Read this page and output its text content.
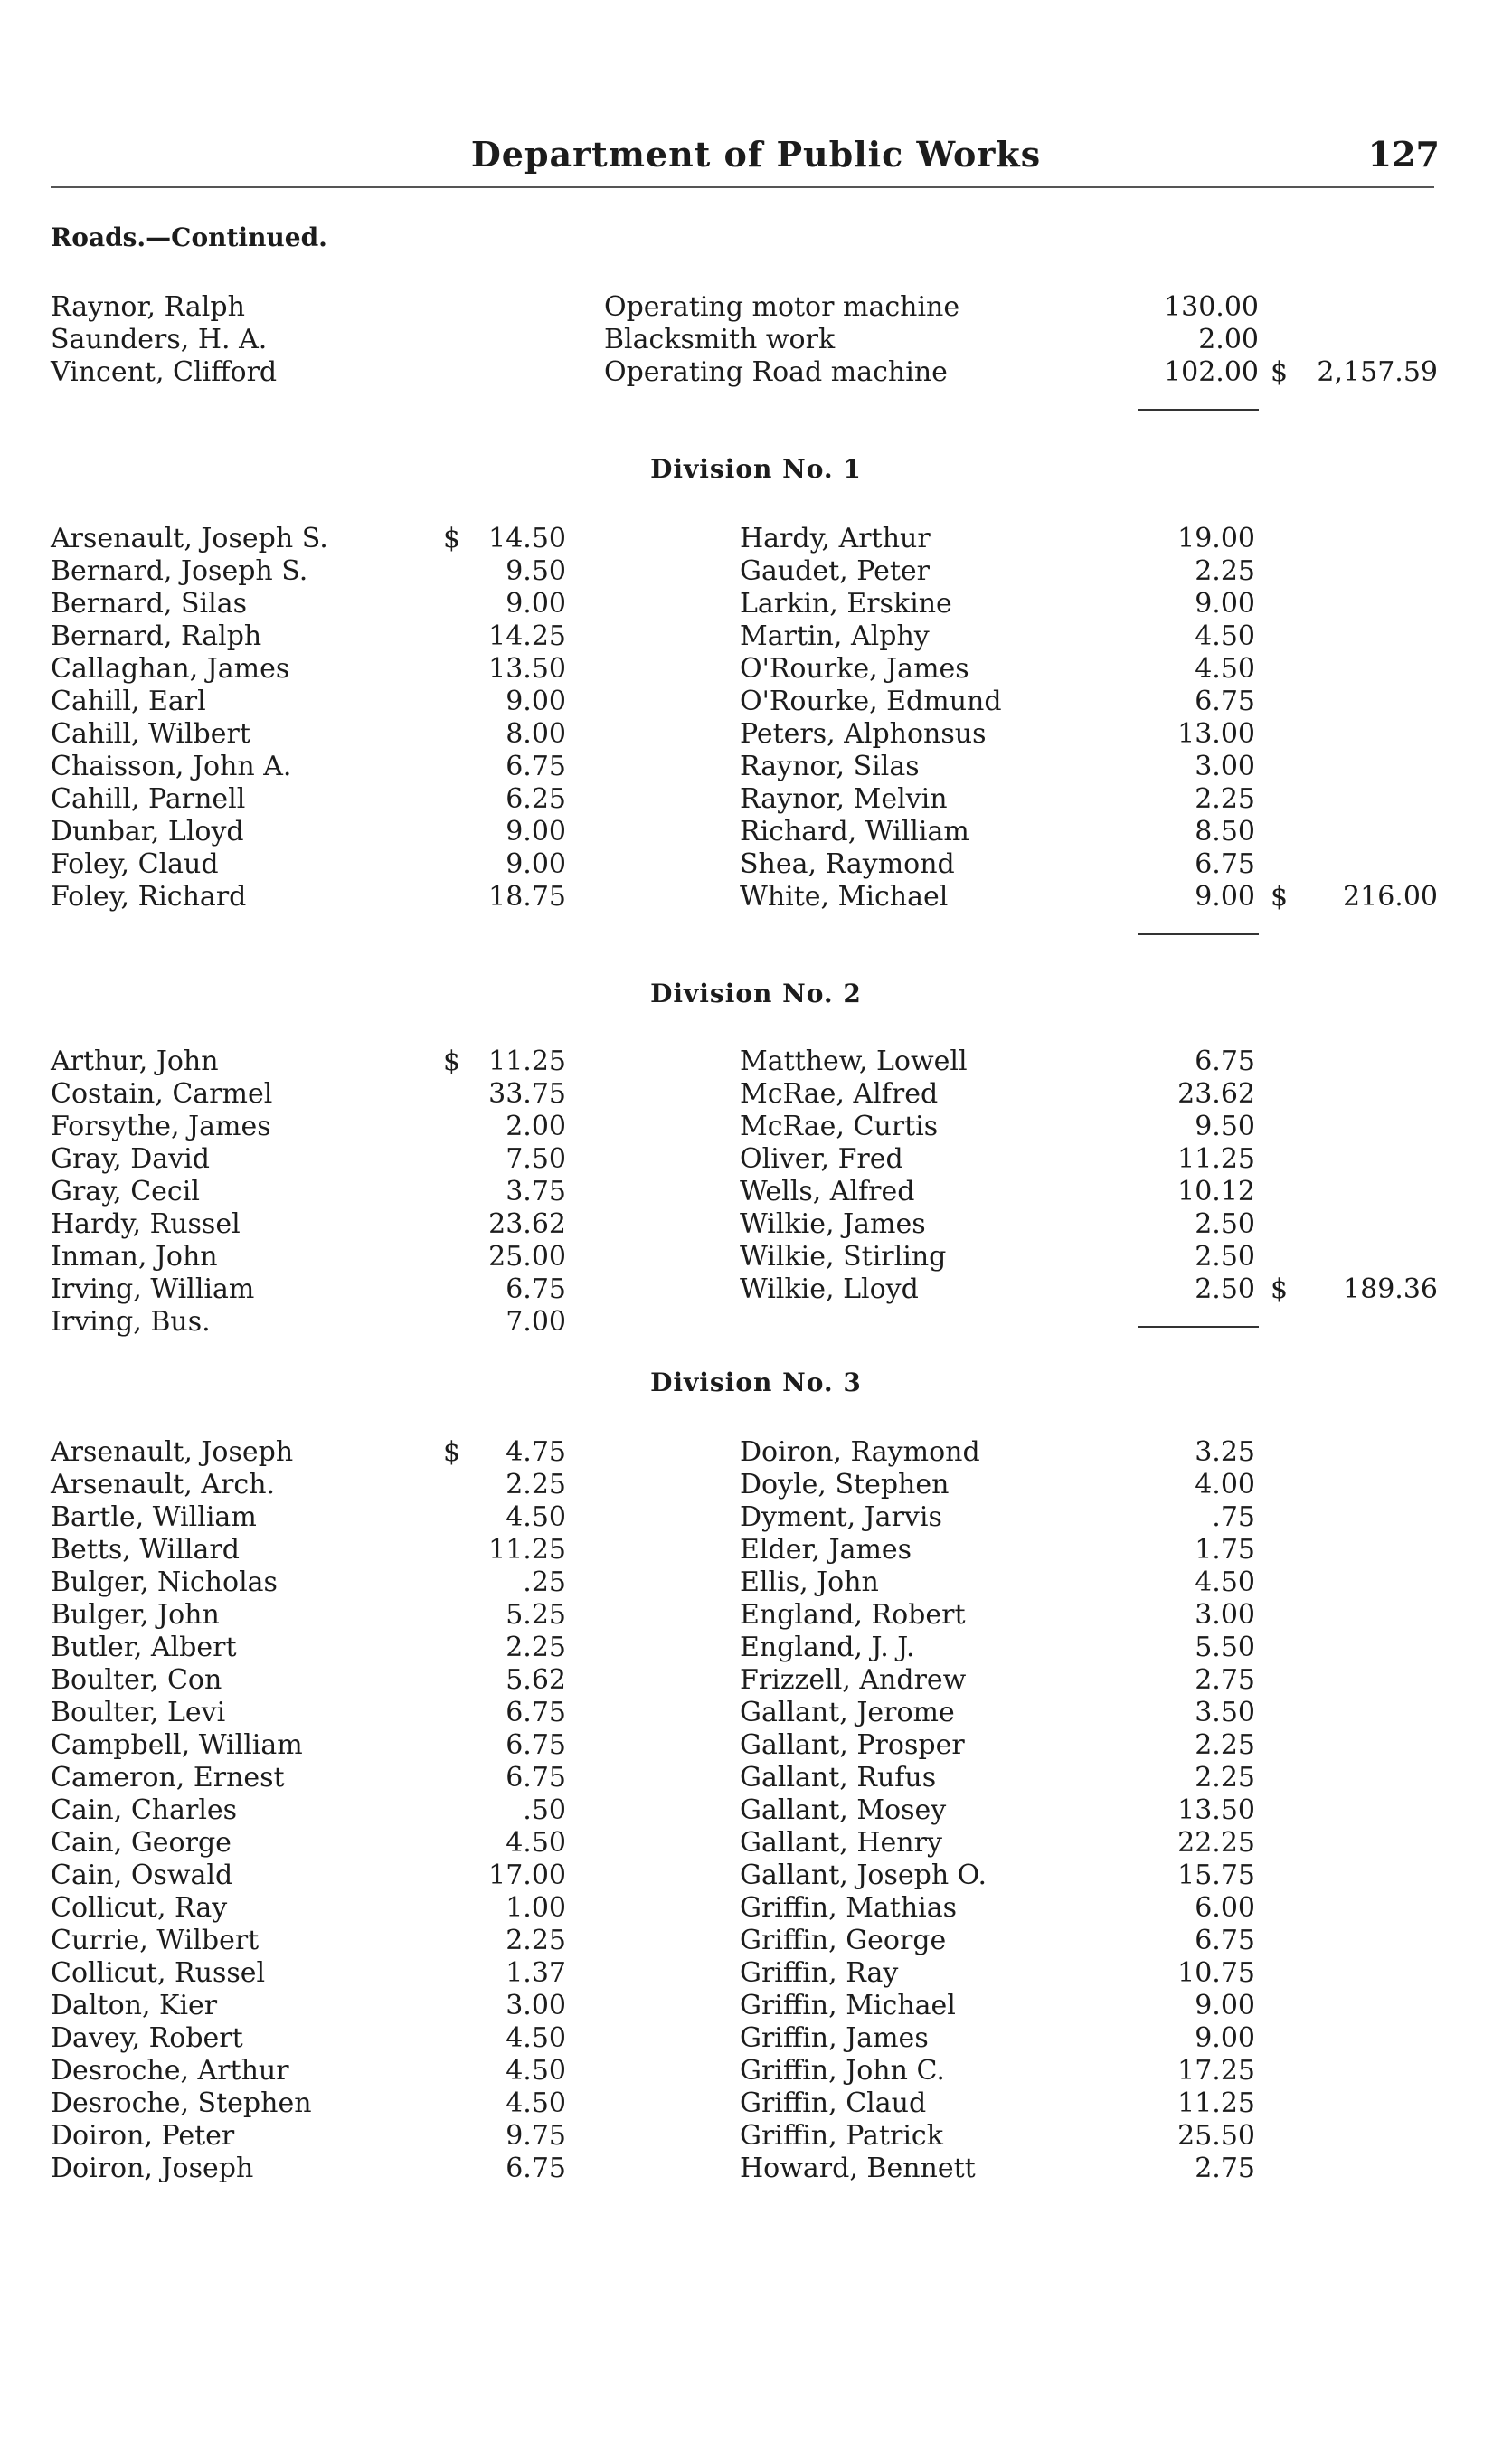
Department of Public Works	127
Roads.—Continued.
Raynor, Ralph	Operating motor machine	130.00
Saunders, H. A.	Blacksmith work	2.00
Vincent, Clifford	Operating Road machine	102.00 $ 2,157.59
Division No. 1
Arsenault, Joseph S.	$ 14.50
Bernard, Joseph S.	9.50
Bernard, Silas	9.00
Bernard, Ralph	14.25
Callaghan, James	13.50
Cahill, Earl	9.00
Cahill, Wilbert	8.00
Chaisson, John A.	6.75
Cahill, Parnell	6.25
Dunbar, Lloyd	9.00
Foley, Claud	9.00
Foley, Richard	18.75
Hardy, Arthur	19.00
Gaudet, Peter	2.25
Larkin, Erskine	9.00
Martin, Alphy	4.50
O'Rourke, James	4.50
O'Rourke, Edmund	6.75
Peters, Alphonsus	13.00
Raynor, Silas	3.00
Raynor, Melvin	2.25
Richard, William	8.50
Shea, Raymond	6.75
White, Michael	9.00 $ 216.00
Division No. 2
Arthur, John	$ 11.25
Costain, Carmel	33.75
Forsythe, James	2.00
Gray, David	7.50
Gray, Cecil	3.75
Hardy, Russel	23.62
Inman, John	25.00
Irving, William	6.75
Irving, Bus.	7.00
Matthew, Lowell	6.75
McRae, Alfred	23.62
McRae, Curtis	9.50
Oliver, Fred	11.25
Wells, Alfred	10.12
Wilkie, James	2.50
Wilkie, Stirling	2.50
Wilkie, Lloyd	2.50 $ 189.36
Division No. 3
Arsenault, Joseph	$ 4.75
Arsenault, Arch.	2.25
Bartle, William	4.50
Betts, Willard	11.25
Bulger, Nicholas	.25
Bulger, John	5.25
Butler, Albert	2.25
Boulter, Con	5.62
Boulter, Levi	6.75
Campbell, William	6.75
Cameron, Ernest	6.75
Cain, Charles	.50
Cain, George	4.50
Cain, Oswald	17.00
Collicut, Ray	1.00
Currie, Wilbert	2.25
Collicut, Russel	1.37
Dalton, Kier	3.00
Davey, Robert	4.50
Desroche, Arthur	4.50
Desroche, Stephen	4.50
Doiron, Peter	9.75
Doiron, Joseph	6.75
Doiron, Raymond	3.25
Doyle, Stephen	4.00
Dyment, Jarvis	.75
Elder, James	1.75
Ellis, John	4.50
England, Robert	3.00
England, J. J.	5.50
Frizzell, Andrew	2.75
Gallant, Jerome	3.50
Gallant, Prosper	2.25
Gallant, Rufus	2.25
Gallant, Mosey	13.50
Gallant, Henry	22.25
Gallant, Joseph O.	15.75
Griffin, Mathias	6.00
Griffin, George	6.75
Griffin, Ray	10.75
Griffin, Michael	9.00
Griffin, James	9.00
Griffin, John C.	17.25
Griffin, Claud	11.25
Griffin, Patrick	25.50
Howard, Bennett	2.75
